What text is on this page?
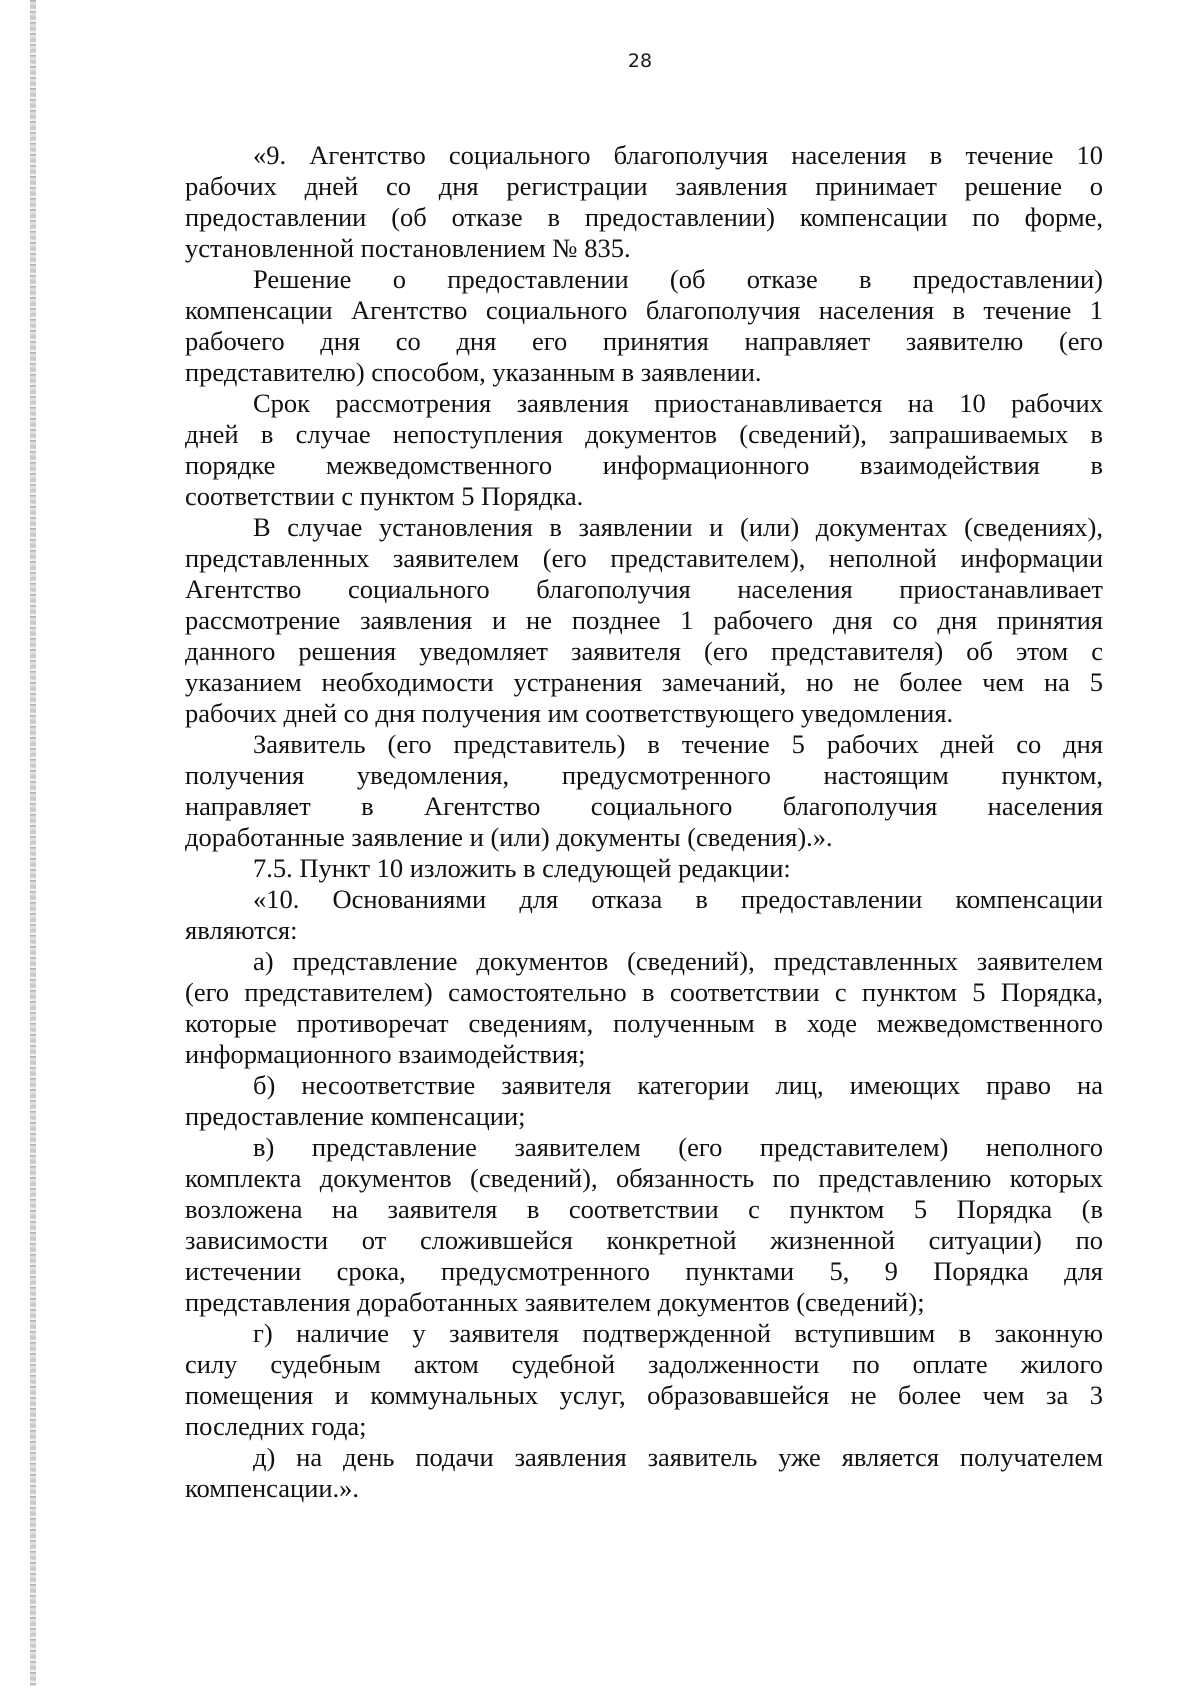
28
«9. Агентство социального благополучия населения в течение 10
рабочих дней со дня регистрации заявления принимает решение о
предоставлении (об отказе в предоставлении) компенсации по форме,
установленной постановлением № 835.
Решение о предоставлении (об отказе в предоставлении)
компенсации Агентство социального благополучия населения в течение 1
рабочего дня со дня его принятия направляет заявителю (его
представителю) способом, указанным в заявлении.
Срок рассмотрения заявления приостанавливается на 10 рабочих
дней в случае непоступления документов (сведений), запрашиваемых в
порядке межведомственного информационного взаимодействия в
соответствии с пунктом 5 Порядка.
В случае установления в заявлении и (или) документах (сведениях),
представленных заявителем (его представителем), неполной информации
Агентство социального благополучия населения приостанавливает
рассмотрение заявления и не позднее 1 рабочего дня со дня принятия
данного решения уведомляет заявителя (его представителя) об этом с
указанием необходимости устранения замечаний, но не более чем на 5
рабочих дней со дня получения им соответствующего уведомления.
Заявитель (его представитель) в течение 5 рабочих дней со дня
получения уведомления, предусмотренного настоящим пунктом,
направляет в Агентство социального благополучия населения
доработанные заявление и (или) документы (сведения).».
7.5. Пункт 10 изложить в следующей редакции:
«10. Основаниями для отказа в предоставлении компенсации
являются:
а) представление документов (сведений), представленных заявителем
(его представителем) самостоятельно в соответствии с пунктом 5 Порядка,
которые противоречат сведениям, полученным в ходе межведомственного
информационного взаимодействия;
б) несоответствие заявителя категории лиц, имеющих право на
предоставление компенсации;
в) представление заявителем (его представителем) неполного
комплекта документов (сведений), обязанность по представлению которых
возложена на заявителя в соответствии с пунктом 5 Порядка (в
зависимости от сложившейся конкретной жизненной ситуации) по
истечении срока, предусмотренного пунктами 5, 9 Порядка для
представления доработанных заявителем документов (сведений);
г) наличие у заявителя подтвержденной вступившим в законную
силу судебным актом судебной задолженности по оплате жилого
помещения и коммунальных услуг, образовавшейся не более чем за 3
последних года;
д) на день подачи заявления заявитель уже является получателем
компенсации.».
